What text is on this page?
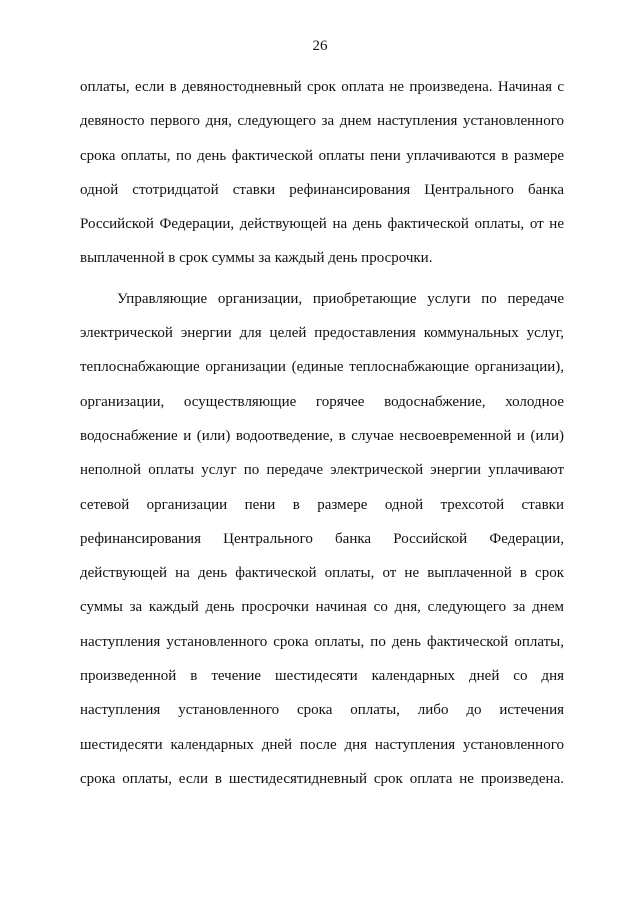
26
оплаты, если в девяностодневный срок оплата не произведена. Начиная с
девяносто первого дня, следующего за днем наступления установленного
срока оплаты, по день фактической оплаты пени уплачиваются в размере
одной стотридцатой ставки рефинансирования Центрального банка
Российской Федерации, действующей на день фактической оплаты, от не
выплаченной в срок суммы за каждый день просрочки.
Управляющие организации, приобретающие услуги по передаче
электрической энергии для целей предоставления коммунальных услуг,
теплоснабжающие организации (единые теплоснабжающие организации),
организации, осуществляющие горячее водоснабжение, холодное
водоснабжение и (или) водоотведение, в случае несвоевременной и (или)
неполной оплаты услуг по передаче электрической энергии уплачивают
сетевой организации пени в размере одной трехсотой ставки
рефинансирования Центрального банка Российской Федерации,
действующей на день фактической оплаты, от не выплаченной в срок
суммы за каждый день просрочки начиная со дня, следующего за днем
наступления установленного срока оплаты, по день фактической оплаты,
произведенной в течение шестидесяти календарных дней со дня
наступления установленного срока оплаты, либо до истечения
шестидесяти календарных дней после дня наступления установленного
срока оплаты, если в шестидесятидневный срок оплата не произведена.
